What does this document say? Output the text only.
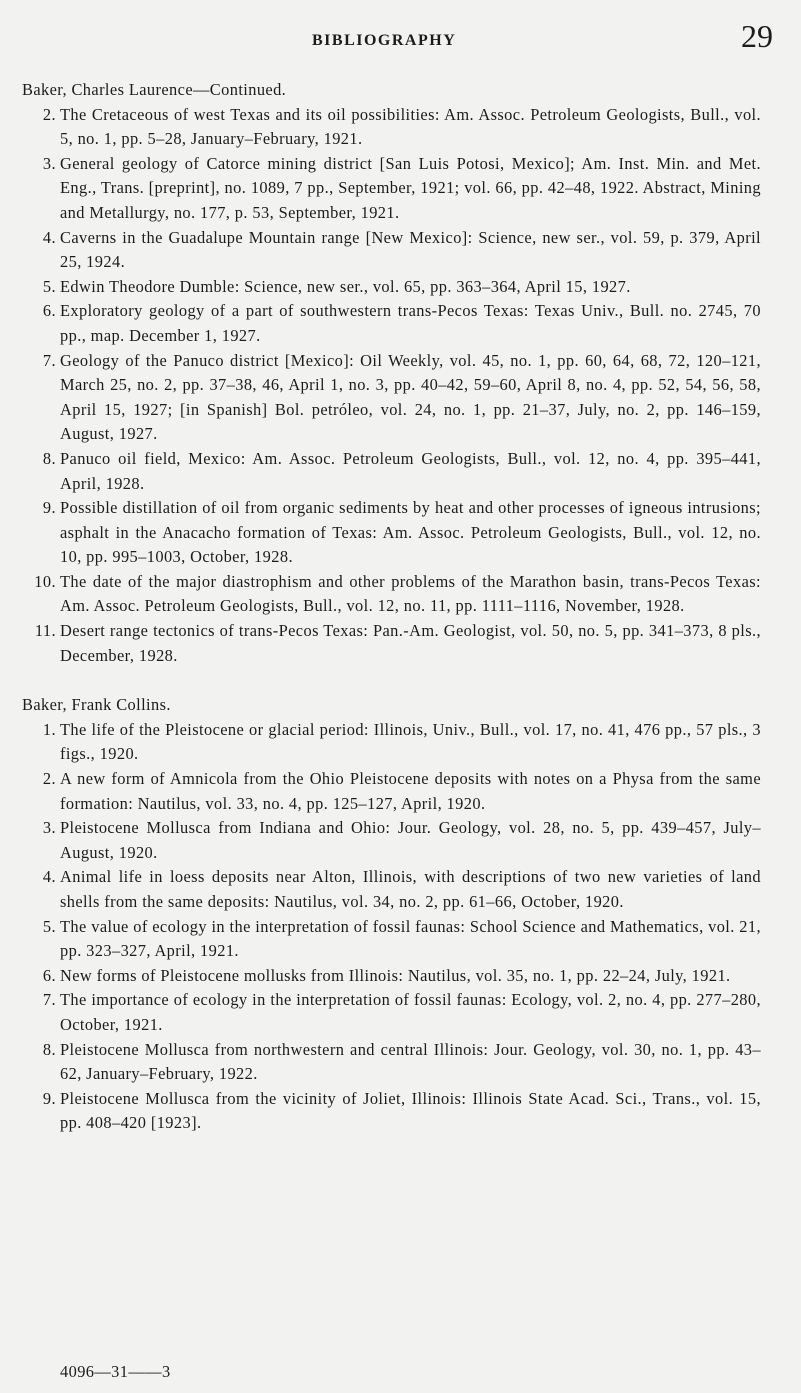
BIBLIOGRAPHY	29

Baker, Charles Laurence—Continued.

2. The Cretaceous of west Texas and its oil possibilities: Am. Assoc. Petroleum Geologists, Bull., vol. 5, no. 1, pp. 5–28, January–February, 1921.
3. General geology of Catorce mining district [San Luis Potosi, Mexico]; Am. Inst. Min. and Met. Eng., Trans. [preprint], no. 1089, 7 pp., September, 1921; vol. 66, pp. 42–48, 1922. Abstract, Mining and Metallurgy, no. 177, p. 53, September, 1921.
4. Caverns in the Guadalupe Mountain range [New Mexico]: Science, new ser., vol. 59, p. 379, April 25, 1924.
5. Edwin Theodore Dumble: Science, new ser., vol. 65, pp. 363–364, April 15, 1927.
6. Exploratory geology of a part of southwestern trans-Pecos Texas: Texas Univ., Bull. no. 2745, 70 pp., map. December 1, 1927.
7. Geology of the Panuco district [Mexico]: Oil Weekly, vol. 45, no. 1, pp. 60, 64, 68, 72, 120–121, March 25, no. 2, pp. 37–38, 46, April 1, no. 3, pp. 40–42, 59–60, April 8, no. 4, pp. 52, 54, 56, 58, April 15, 1927; [in Spanish] Bol. petróleo, vol. 24, no. 1, pp. 21–37, July, no. 2, pp. 146–159, August, 1927.
8. Panuco oil field, Mexico: Am. Assoc. Petroleum Geologists, Bull., vol. 12, no. 4, pp. 395–441, April, 1928.
9. Possible distillation of oil from organic sediments by heat and other processes of igneous intrusions; asphalt in the Anacacho formation of Texas: Am. Assoc. Petroleum Geologists, Bull., vol. 12, no. 10, pp. 995–1003, October, 1928.
10. The date of the major diastrophism and other problems of the Marathon basin, trans-Pecos Texas: Am. Assoc. Petroleum Geologists, Bull., vol. 12, no. 11, pp. 1111–1116, November, 1928.
11. Desert range tectonics of trans-Pecos Texas: Pan.-Am. Geologist, vol. 50, no. 5, pp. 341–373, 8 pls., December, 1928.

Baker, Frank Collins.

1. The life of the Pleistocene or glacial period: Illinois, Univ., Bull., vol. 17, no. 41, 476 pp., 57 pls., 3 figs., 1920.
2. A new form of Amnicola from the Ohio Pleistocene deposits with notes on a Physa from the same formation: Nautilus, vol. 33, no. 4, pp. 125–127, April, 1920.
3. Pleistocene Mollusca from Indiana and Ohio: Jour. Geology, vol. 28, no. 5, pp. 439–457, July–August, 1920.
4. Animal life in loess deposits near Alton, Illinois, with descriptions of two new varieties of land shells from the same deposits: Nautilus, vol. 34, no. 2, pp. 61–66, October, 1920.
5. The value of ecology in the interpretation of fossil faunas: School Science and Mathematics, vol. 21, pp. 323–327, April, 1921.
6. New forms of Pleistocene mollusks from Illinois: Nautilus, vol. 35, no. 1, pp. 22–24, July, 1921.
7. The importance of ecology in the interpretation of fossil faunas: Ecology, vol. 2, no. 4, pp. 277–280, October, 1921.
8. Pleistocene Mollusca from northwestern and central Illinois: Jour. Geology, vol. 30, no. 1, pp. 43–62, January–February, 1922.
9. Pleistocene Mollusca from the vicinity of Joliet, Illinois: Illinois State Acad. Sci., Trans., vol. 15, pp. 408–420 [1923].
4096—31——3
